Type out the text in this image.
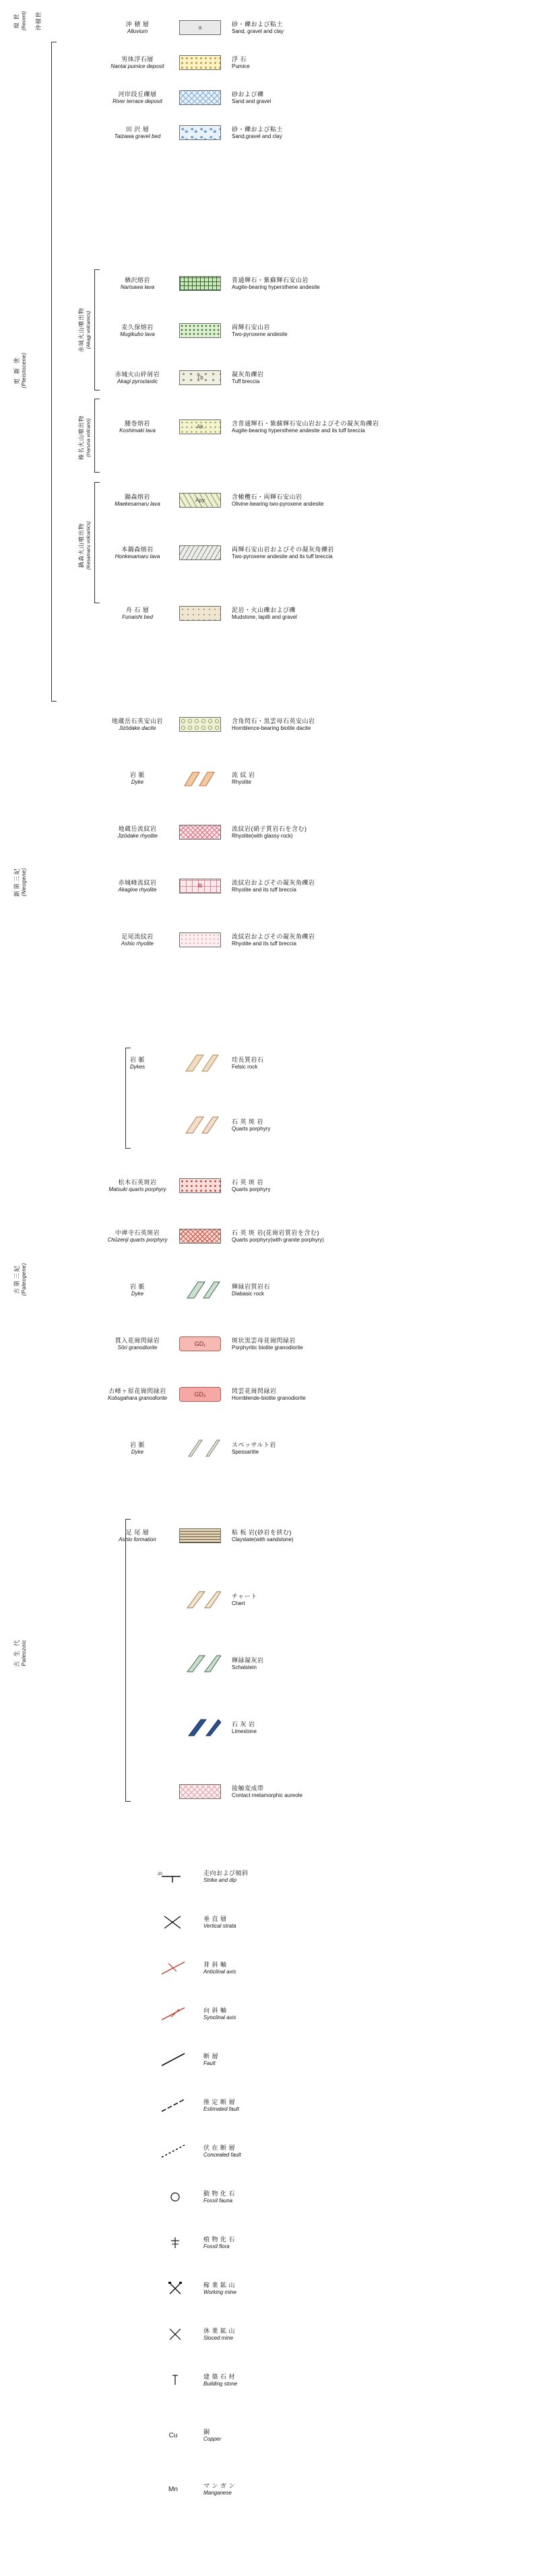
現 世 (Recent) 沖積世
更 新 世 (Pleistocene)
新第三紀 (Neogene)
古第三紀 (Paleogene)
古 生 代 Paleozoic
赤城火山噴出物 (Akagi volcanics)
榛名火山噴出物 (Haruna volcano)
鍋森火山噴出物 (Kesamaru volcanics)
沖 積 層
Alluvium
a	砂・礫および粘土
Sand, gravel and clay
男体浮石層
Nantai pumice deposit
浮 石
Pumice
河岸段丘礫層
River terrace deposit
砂および礫
Sand and gravel
田 沢 層
Taizawa gravel bed
砂・礫および粘土
Sand,gravel and clay
楢沢熔岩
Narisawa lava
普通輝石・紫蘇輝石安山岩
Augite-bearing hypersthene andesite
麦久保熔岩
Mugikubo lava
両輝石安山岩
Two-pyroxene andesite
赤城火山砕屑岩
Akagi pyroclastic
Tb	凝灰角礫岩
Tuff breccia
腰巻熔岩
Koshimaki lava
Ah	含普通輝石・紫蘇輝石安山岩およびその凝灰角礫岩
Augite-bearing hypersthene andesite and its tuff breccia
鍋森熔岩
Maekesamaru lava
Apy	含橄欖石・両輝石安山岩
Olivine-bearing two-pyroxene andesite
本鍋森熔岩
Honkesamaru lava
両輝石安山岩およびその凝灰角礫岩
Two-pyroxene andesite and its tuff breccia
舟 石 層
Funaishi bed
泥岩・火山礫および礫
Mudstone, lapilli and gravel
地蔵岳石英安山岩
Jizōdake dacite
含角閃石・黒雲母石英安山岩
Hornblence-bearing biotite dacite
岩 脈
Dyke
流 紋 岩
Rhyolite
地蔵岳流紋岩
Jizōdake rhyolite
流紋岩(硝子質岩石を含む)
Rhyolite(with glassy rock)
赤城峰流紋岩
Akagine rhyolite
R	流紋岩およびその凝灰角礫岩
Rhyolite and its tuff breccia
足尾流紋岩
Ashio rhyolite
流紋岩およびその凝灰角礫岩
Rhyolite and its tuff breccia
岩 脈
Dykes
珪長質岩石
Felsic rock
石 英 斑 岩
Quarts porphyry
松木石英斑岩
Matsuki quarts porphyry
石 英 斑 岩
Quarts porphyry
中禅寺石英斑岩
Chūzenji quarts porphyry
石 英 斑 岩(花崗岩質岩を含む)
Quarts porphyry(with granite porphyry)
岩 脈
Dyke
輝緑岩質岩石
Diabasic rock
貫入花崗閃緑岩
Sōri granodiorite
GD₁	斑状黒雲母花崗閃緑岩
Porphyritic biotite granodiorite
古峰ヶ原花崗閃緑岩
Kobugahara granodiorite
GD₂	閃雲花崗閃緑岩
Hornblende-biotite granodiorite
岩 脈
Dyke
スペッサルト岩
Spessartite
足 尾 層
Ashio formation
粘 板 岩(砂岩を挟む)
Clayslate(with sandstone)
チャート
Chert
輝緑凝灰岩
Schalstein
石 灰 岩
Limestone
接触変成帯
Contact metamorphic aureole
20	走向および傾斜
Strike and dip
垂 直 層
Vertical strata
背 斜 軸
Anticlinal axis
向 斜 軸
Synclinal axis
断 層
Fault
推 定 断 層
Estimated fault
伏 在 断 層
Concealed fault
動 物 化 石
Fossil fauna
植 物 化 石
Fossil flora
稼 業 鉱 山
Working mine
休 業 鉱 山
Sloced mine
建 築 石 材
Building stone
Cu	銅
Copper
Mn	マ ン ガ ン
Manganese
